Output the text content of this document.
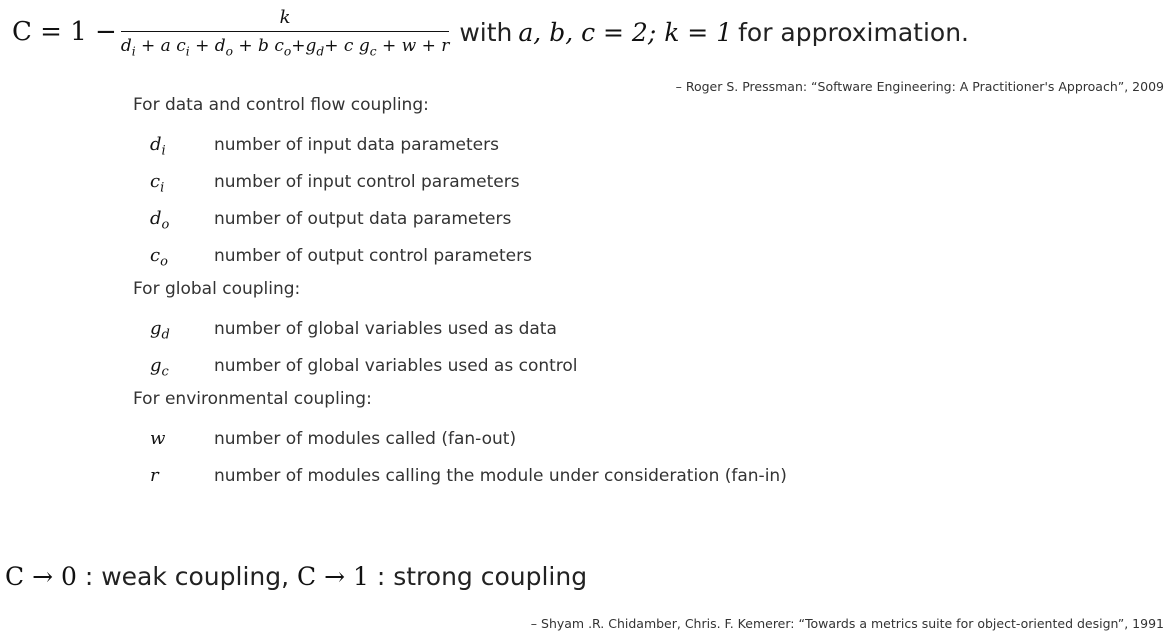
$C = 1 - \frac{k}{d_i + a c_i + d_o + b c_o+g_d+ c g_c + w + r}$ with a, b, c = 2; k = 1 for approximation.
– Roger S. Pressman: “Software Engineering: A Practitioner's Approach”, 2009
For data and control flow coupling:
$d_i$	number of input data parameters
$c_i$	number of input control parameters
$d_o$	number of output data parameters
$c_o$	number of output control parameters
For global coupling:
$g_d$	number of global variables used as data
$g_c$	number of global variables used as control
For environmental coupling:
w	number of modules called (fan-out)
r	number of modules calling the module under consideration (fan-in)
C → 0 : weak coupling, C → 1 : strong coupling
– Shyam .R. Chidamber, Chris. F. Kemerer: “Towards a metrics suite for object-oriented design”, 1991
